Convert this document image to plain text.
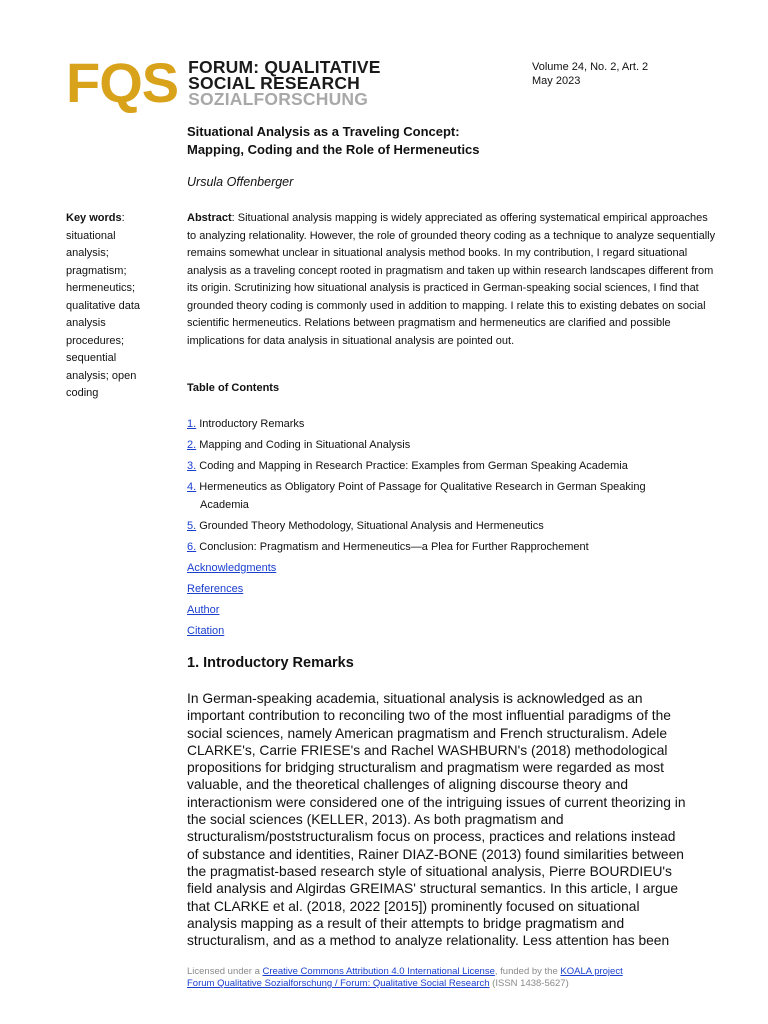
FQS FORUM: QUALITATIVE
SOCIAL RESEARCH
SOZIALFORSCHUNG
Volume 24, No. 2, Art. 2
May 2023
Situational Analysis as a Traveling Concept:
Mapping, Coding and the Role of Hermeneutics
Ursula Offenberger
Key words:
situational
analysis;
pragmatism;
hermeneutics;
qualitative data
analysis
procedures;
sequential
analysis; open
coding
Abstract: Situational analysis mapping is widely appreciated as offering systematical empirical approaches to analyzing relationality. However, the role of grounded theory coding as a technique to analyze sequentially remains somewhat unclear in situational analysis method books. In my contribution, I regard situational analysis as a traveling concept rooted in pragmatism and taken up within research landscapes different from its origin. Scrutinizing how situational analysis is practiced in German-speaking social sciences, I find that grounded theory coding is commonly used in addition to mapping. I relate this to existing debates on social scientific hermeneutics. Relations between pragmatism and hermeneutics are clarified and possible implications for data analysis in situational analysis are pointed out.
Table of Contents
1. Introductory Remarks
2. Mapping and Coding in Situational Analysis
3. Coding and Mapping in Research Practice: Examples from German Speaking Academia
4. Hermeneutics as Obligatory Point of Passage for Qualitative Research in German Speaking
Academia
5. Grounded Theory Methodology, Situational Analysis and Hermeneutics
6. Conclusion: Pragmatism and Hermeneutics—a Plea for Further Rapprochement
Acknowledgments
References
Author
Citation
1. Introductory Remarks
In German-speaking academia, situational analysis is acknowledged as an
important contribution to reconciling two of the most influential paradigms of the
social sciences, namely American pragmatism and French structuralism. Adele
CLARKE's, Carrie FRIESE's and Rachel WASHBURN's (2018) methodological
propositions for bridging structuralism and pragmatism were regarded as most
valuable, and the theoretical challenges of aligning discourse theory and
interactionism were considered one of the intriguing issues of current theorizing in
the social sciences (KELLER, 2013). As both pragmatism and
structuralism/poststructuralism focus on process, practices and relations instead
of substance and identities, Rainer DIAZ-BONE (2013) found similarities between
the pragmatist-based research style of situational analysis, Pierre BOURDIEU's
field analysis and Algirdas GREIMAS' structural semantics. In this article, I argue
that CLARKE et al. (2018, 2022 [2015]) prominently focused on situational
analysis mapping as a result of their attempts to bridge pragmatism and
structuralism, and as a method to analyze relationality. Less attention has been
Licensed under a Creative Commons Attribution 4.0 International License, funded by the KOALA project
Forum Qualitative Sozialforschung / Forum: Qualitative Social Research (ISSN 1438-5627)
